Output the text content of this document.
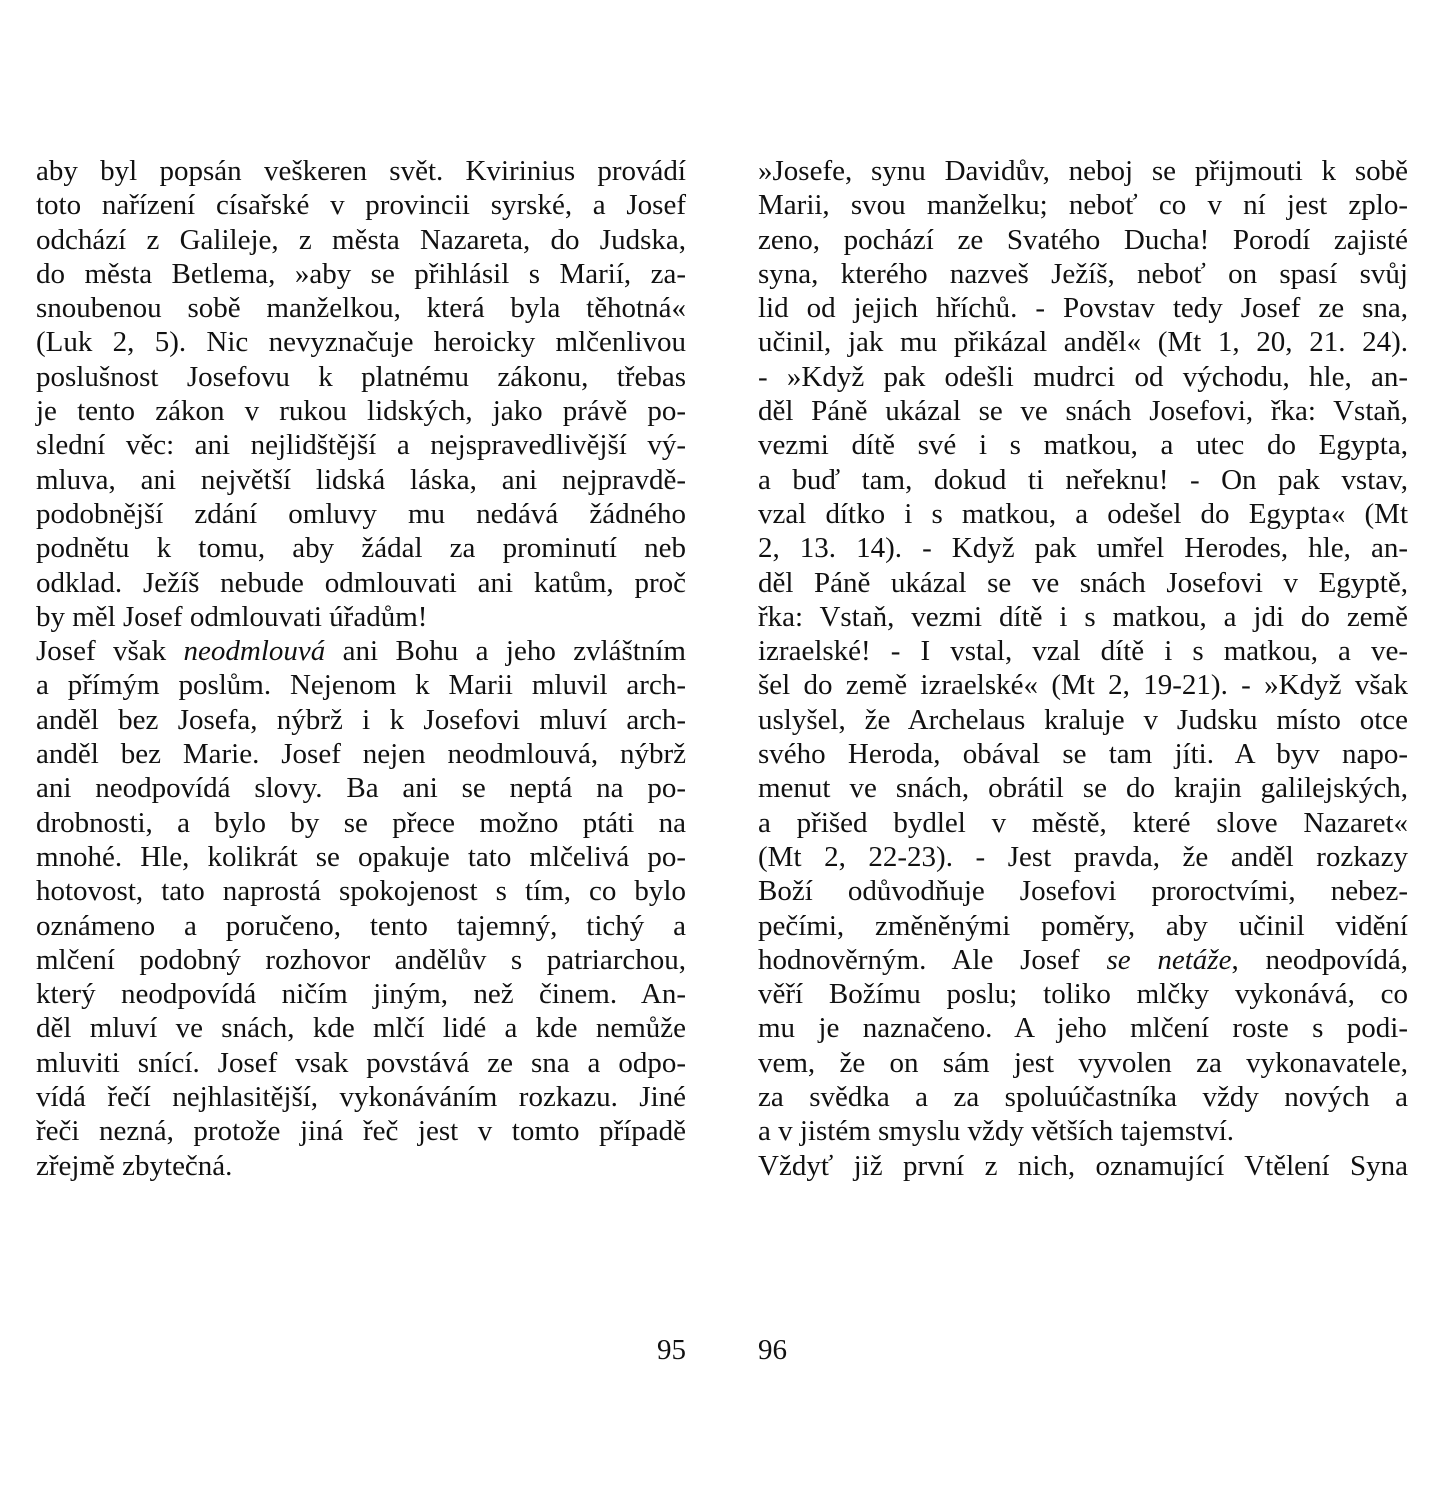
aby byl popsán veškeren svět. Kvirinius provádí
toto nařízení císařské v provincii syrské, a Josef
odchází z Galileje, z města Nazareta, do Judska,
do města Betlema, »aby se přihlásil s Marií, za-
snoubenou sobě manželkou, která byla těhotná«
(Luk 2, 5). Nic nevyznačuje heroicky mlčenlivou
poslušnost Josefovu k platnému zákonu, třebas
je tento zákon v rukou lidských, jako právě po-
slední věc: ani nejlidštější a nejspravedlivější vý-
mluva, ani největší lidská láska, ani nejpravdě-
podobnější zdání omluvy mu nedává žádného
podnětu k tomu, aby žádal za prominutí neb
odklad. Ježíš nebude odmlouvati ani katům, proč
by měl Josef odmlouvati úřadům!
Josef však neodmlouvá ani Bohu a jeho zvláštním
a přímým poslům. Nejenom k Marii mluvil arch-
anděl bez Josefa, nýbrž i k Josefovi mluví arch-
anděl bez Marie. Josef nejen neodmlouvá, nýbrž
ani neodpovídá slovy. Ba ani se neptá na po-
drobnosti, a bylo by se přece možno ptáti na
mnohé. Hle, kolikrát se opakuje tato mlčelivá po-
hotovost, tato naprostá spokojenost s tím, co bylo
oznámeno a poručeno, tento tajemný, tichý a
mlčení podobný rozhovor andělův s patriarchou,
který neodpovídá ničím jiným, než činem. An-
děl mluví ve snách, kde mlčí lidé a kde nemůže
mluviti snící. Josef vsak povstává ze sna a odpo-
vídá řečí nejhlasitější, vykonáváním rozkazu. Jiné
řeči nezná, protože jiná řeč jest v tomto případě
zřejmě zbytečná.
»Josefe, synu Davidův, neboj se přijmouti k sobě
Marii, svou manželku; neboť co v ní jest zplo-
zeno, pochází ze Svatého Ducha! Porodí zajisté
syna, kterého nazveš Ježíš, neboť on spasí svůj
lid od jejich hříchů. - Povstav tedy Josef ze sna,
učinil, jak mu přikázal anděl« (Mt 1, 20, 21. 24).
- »Když pak odešli mudrci od východu, hle, an-
děl Páně ukázal se ve snách Josefovi, řka: Vstaň,
vezmi dítě své i s matkou, a utec do Egypta,
a buď tam, dokud ti neřeknu! - On pak vstav,
vzal dítko i s matkou, a odešel do Egypta« (Mt
2, 13. 14). - Když pak umřel Herodes, hle, an-
děl Páně ukázal se ve snách Josefovi v Egyptě,
řka: Vstaň, vezmi dítě i s matkou, a jdi do země
izraelské! - I vstal, vzal dítě i s matkou, a ve-
šel do země izraelské« (Mt 2, 19-21). - »Když však
uslyšel, že Archelaus kraluje v Judsku místo otce
svého Heroda, obával se tam jíti. A byv napo-
menut ve snách, obrátil se do krajin galilejských,
a přišed bydlel v městě, které slove Nazaret«
(Mt 2, 22-23). - Jest pravda, že anděl rozkazy
Boží odůvodňuje Josefovi proroctvími, nebez-
pečími, změněnými poměry, aby učinil vidění
hodnověrným. Ale Josef se netáže, neodpovídá,
věří Božímu poslu; toliko mlčky vykonává, co
mu je naznačeno. A jeho mlčení roste s podi-
vem, že on sám jest vyvolen za vykonavatele,
za svědka a za spoluúčastníka vždy nových a
a v jistém smyslu vždy větších tajemství.
Vždyť již první z nich, oznamující Vtělení Syna
95 96
